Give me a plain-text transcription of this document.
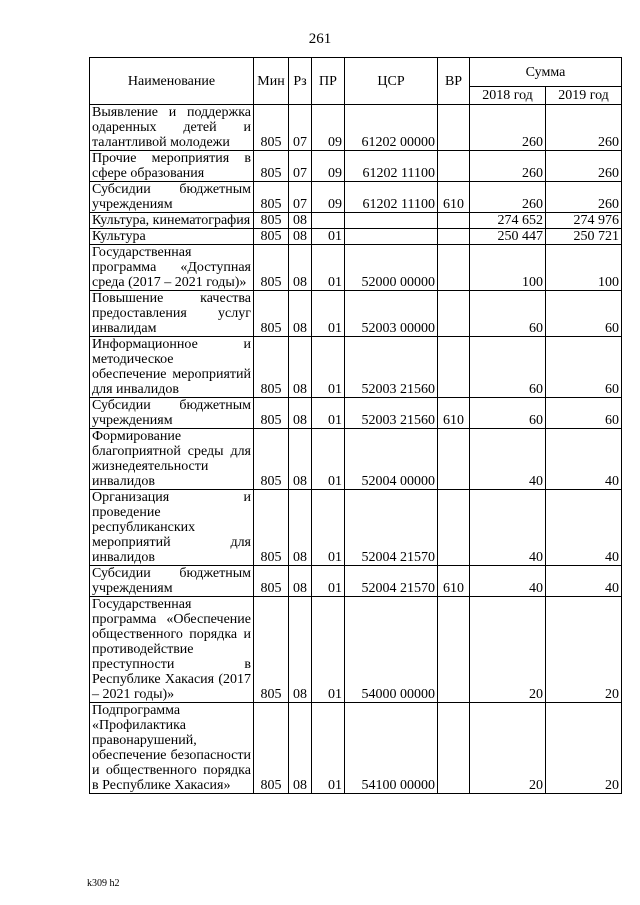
261
Наименование	Мин	Рз	ПР	ЦСР	ВР	Сумма	
						2018 год	2019 год
Выявление и поддержка одаренных детей и талантливой молодежи	805	07	09	61202 00000		260	260
Прочие мероприятия в сфере образования	805	07	09	61202 11100		260	260
Субсидии бюджетным учреждениям	805	07	09	61202 11100	610	260	260
Культура, кинематография	805	08				274 652	274 976
Культура	805	08	01			250 447	250 721
Государственная программа «Доступная среда (2017 – 2021 годы)»	805	08	01	52000 00000		100	100
Повышение качества предоставления услуг инвалидам	805	08	01	52003 00000		60	60
Информационное и методическое обеспечение мероприятий для инвалидов	805	08	01	52003 21560		60	60
Субсидии бюджетным учреждениям	805	08	01	52003 21560	610	60	60
Формирование благоприятной среды для жизнедеятельности инвалидов	805	08	01	52004 00000		40	40
Организация и проведение республиканских мероприятий для инвалидов	805	08	01	52004 21570		40	40
Субсидии бюджетным учреждениям	805	08	01	52004 21570	610	40	40
Государственная программа «Обеспечение общественного порядка и противодействие преступности в Республике Хакасия (2017 – 2021 годы)»	805	08	01	54000 00000		20	20
Подпрограмма «Профилактика правонарушений, обеспечение безопасности и общественного порядка в Республике Хакасия»	805	08	01	54100 00000		20	20
k309 h2
